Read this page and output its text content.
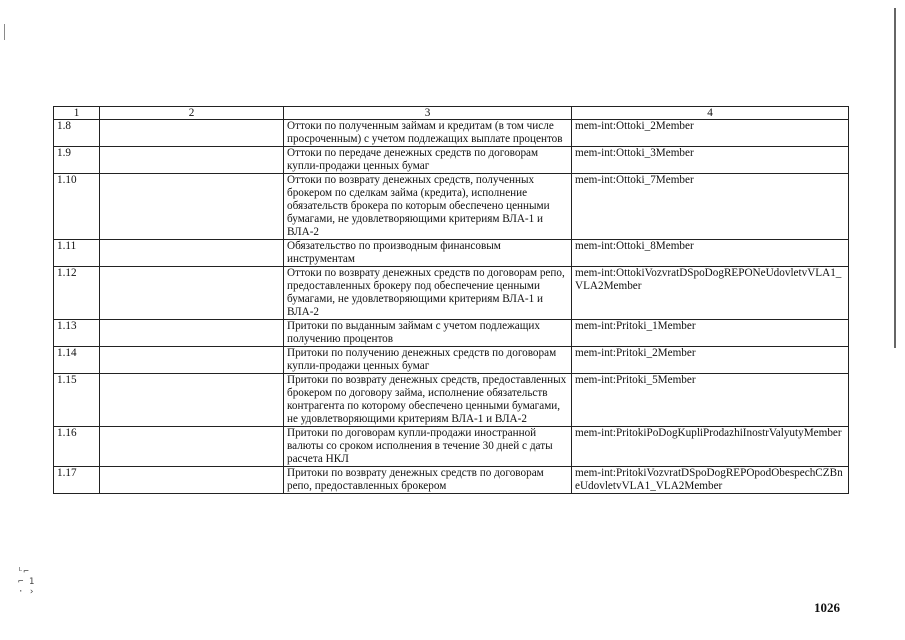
ᴸ⌐
⌐ 1
· ›
1	2	3	4
1.8		Оттоки по полученным займам и кредитам (в том числе просроченным) с учетом подлежащих выплате процентов	mem-int:Ottoki_2Member
1.9		Оттоки по передаче денежных средств по договорам купли-продажи ценных бумаг	mem-int:Ottoki_3Member
1.10		Оттоки по возврату денежных средств, полученных брокером по сделкам займа (кредита), исполнение обязательств брокера по которым обеспечено ценными бумагами, не удовлетворяющими критериям ВЛА-1 и ВЛА-2	mem-int:Ottoki_7Member
1.11		Обязательство по производным финансовым инструментам	mem-int:Ottoki_8Member
1.12		Оттоки по возврату денежных средств по договорам репо, предоставленных брокеру под обеспечение ценными бумагами, не удовлетворяющими критериям ВЛА-1 и ВЛА-2	mem-int:OttokiVozvratDSpoDogREPONeUdovletvVLA1_VLA2Member
1.13		Притоки по выданным займам с учетом подлежащих получению процентов	mem-int:Pritoki_1Member
1.14		Притоки по получению денежных средств по договорам купли-продажи ценных бумаг	mem-int:Pritoki_2Member
1.15		Притоки по возврату денежных средств, предоставленных брокером по договору займа, исполнение обязательств контрагента по которому обеспечено ценными бумагами, не удовлетворяющими критериям ВЛА-1 и ВЛА-2	mem-int:Pritoki_5Member
1.16		Притоки по договорам купли-продажи иностранной валюты со сроком исполнения в течение 30 дней с даты расчета НКЛ	mem-int:PritokiPoDogKupliProdazhiInostrValyutyMember
1.17		Притоки по возврату денежных средств по договорам репо, предоставленных брокером	mem-int:PritokiVozvratDSpoDogREPOpodObespechCZBneUdovletvVLA1_VLA2Member
1026
